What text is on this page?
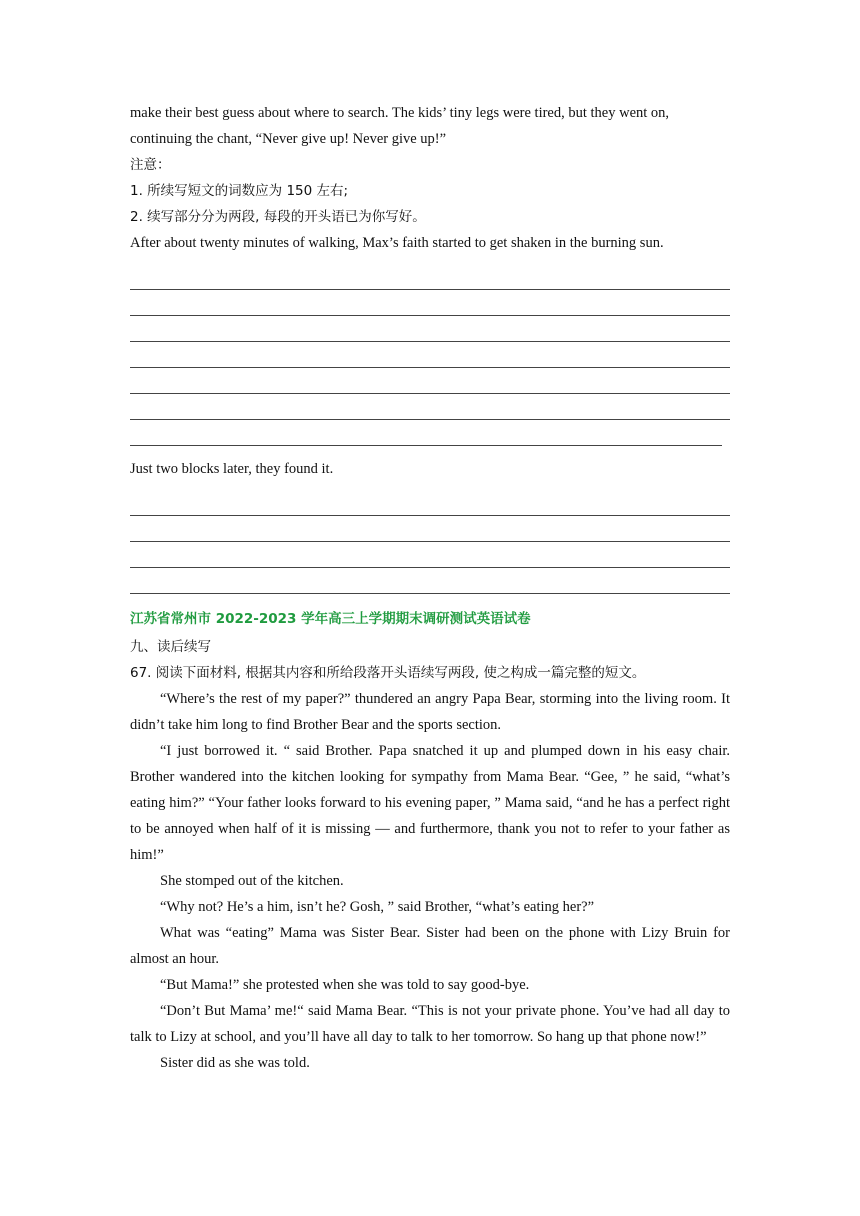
make their best guess about where to search. The kids’ tiny legs were tired, but they went on,

continuing the chant, “Never give up! Never give up!”

注意：

1. 所续写短文的词数应为 150 左右;

2. 续写部分分为两段, 每段的开头语已为你写好。

After about twenty minutes of walking, Max’s faith started to get shaken in the burning sun.

Just two blocks later, they found it.

江苏省常州市 2022-2023 学年高三上学期期末调研测试英语试卷

九、读后续写

67. 阅读下面材料, 根据其内容和所给段落开头语续写两段, 使之构成一篇完整的短文。

“Where’s the rest of my paper?” thundered an angry Papa Bear, storming into the living room. It didn’t take him long to find Brother Bear and the sports section.

“I just borrowed it. “ said Brother. Papa snatched it up and plumped down in his easy chair. Brother wandered into the kitchen looking for sympathy from Mama Bear. “Gee, ” he said, “what’s eating him?” “Your father looks forward to his evening paper, ” Mama said, “and he has a perfect right to be annoyed when half of it is missing — and furthermore, thank you not to refer to your father as him!”

She stomped out of the kitchen.

“Why not? He’s a him, isn’t he? Gosh, ” said Brother, “what’s eating her?”

What was “eating” Mama was Sister Bear. Sister had been on the phone with Lizy Bruin for almost an hour.

“But Mama!” she protested when she was told to say good-bye.

“Don’t But Mama’ me!“ said Mama Bear. “This is not your private phone. You’ve had all day to talk to Lizy at school, and you’ll have all day to talk to her tomorrow. So hang up that phone now!”

Sister did as she was told.
